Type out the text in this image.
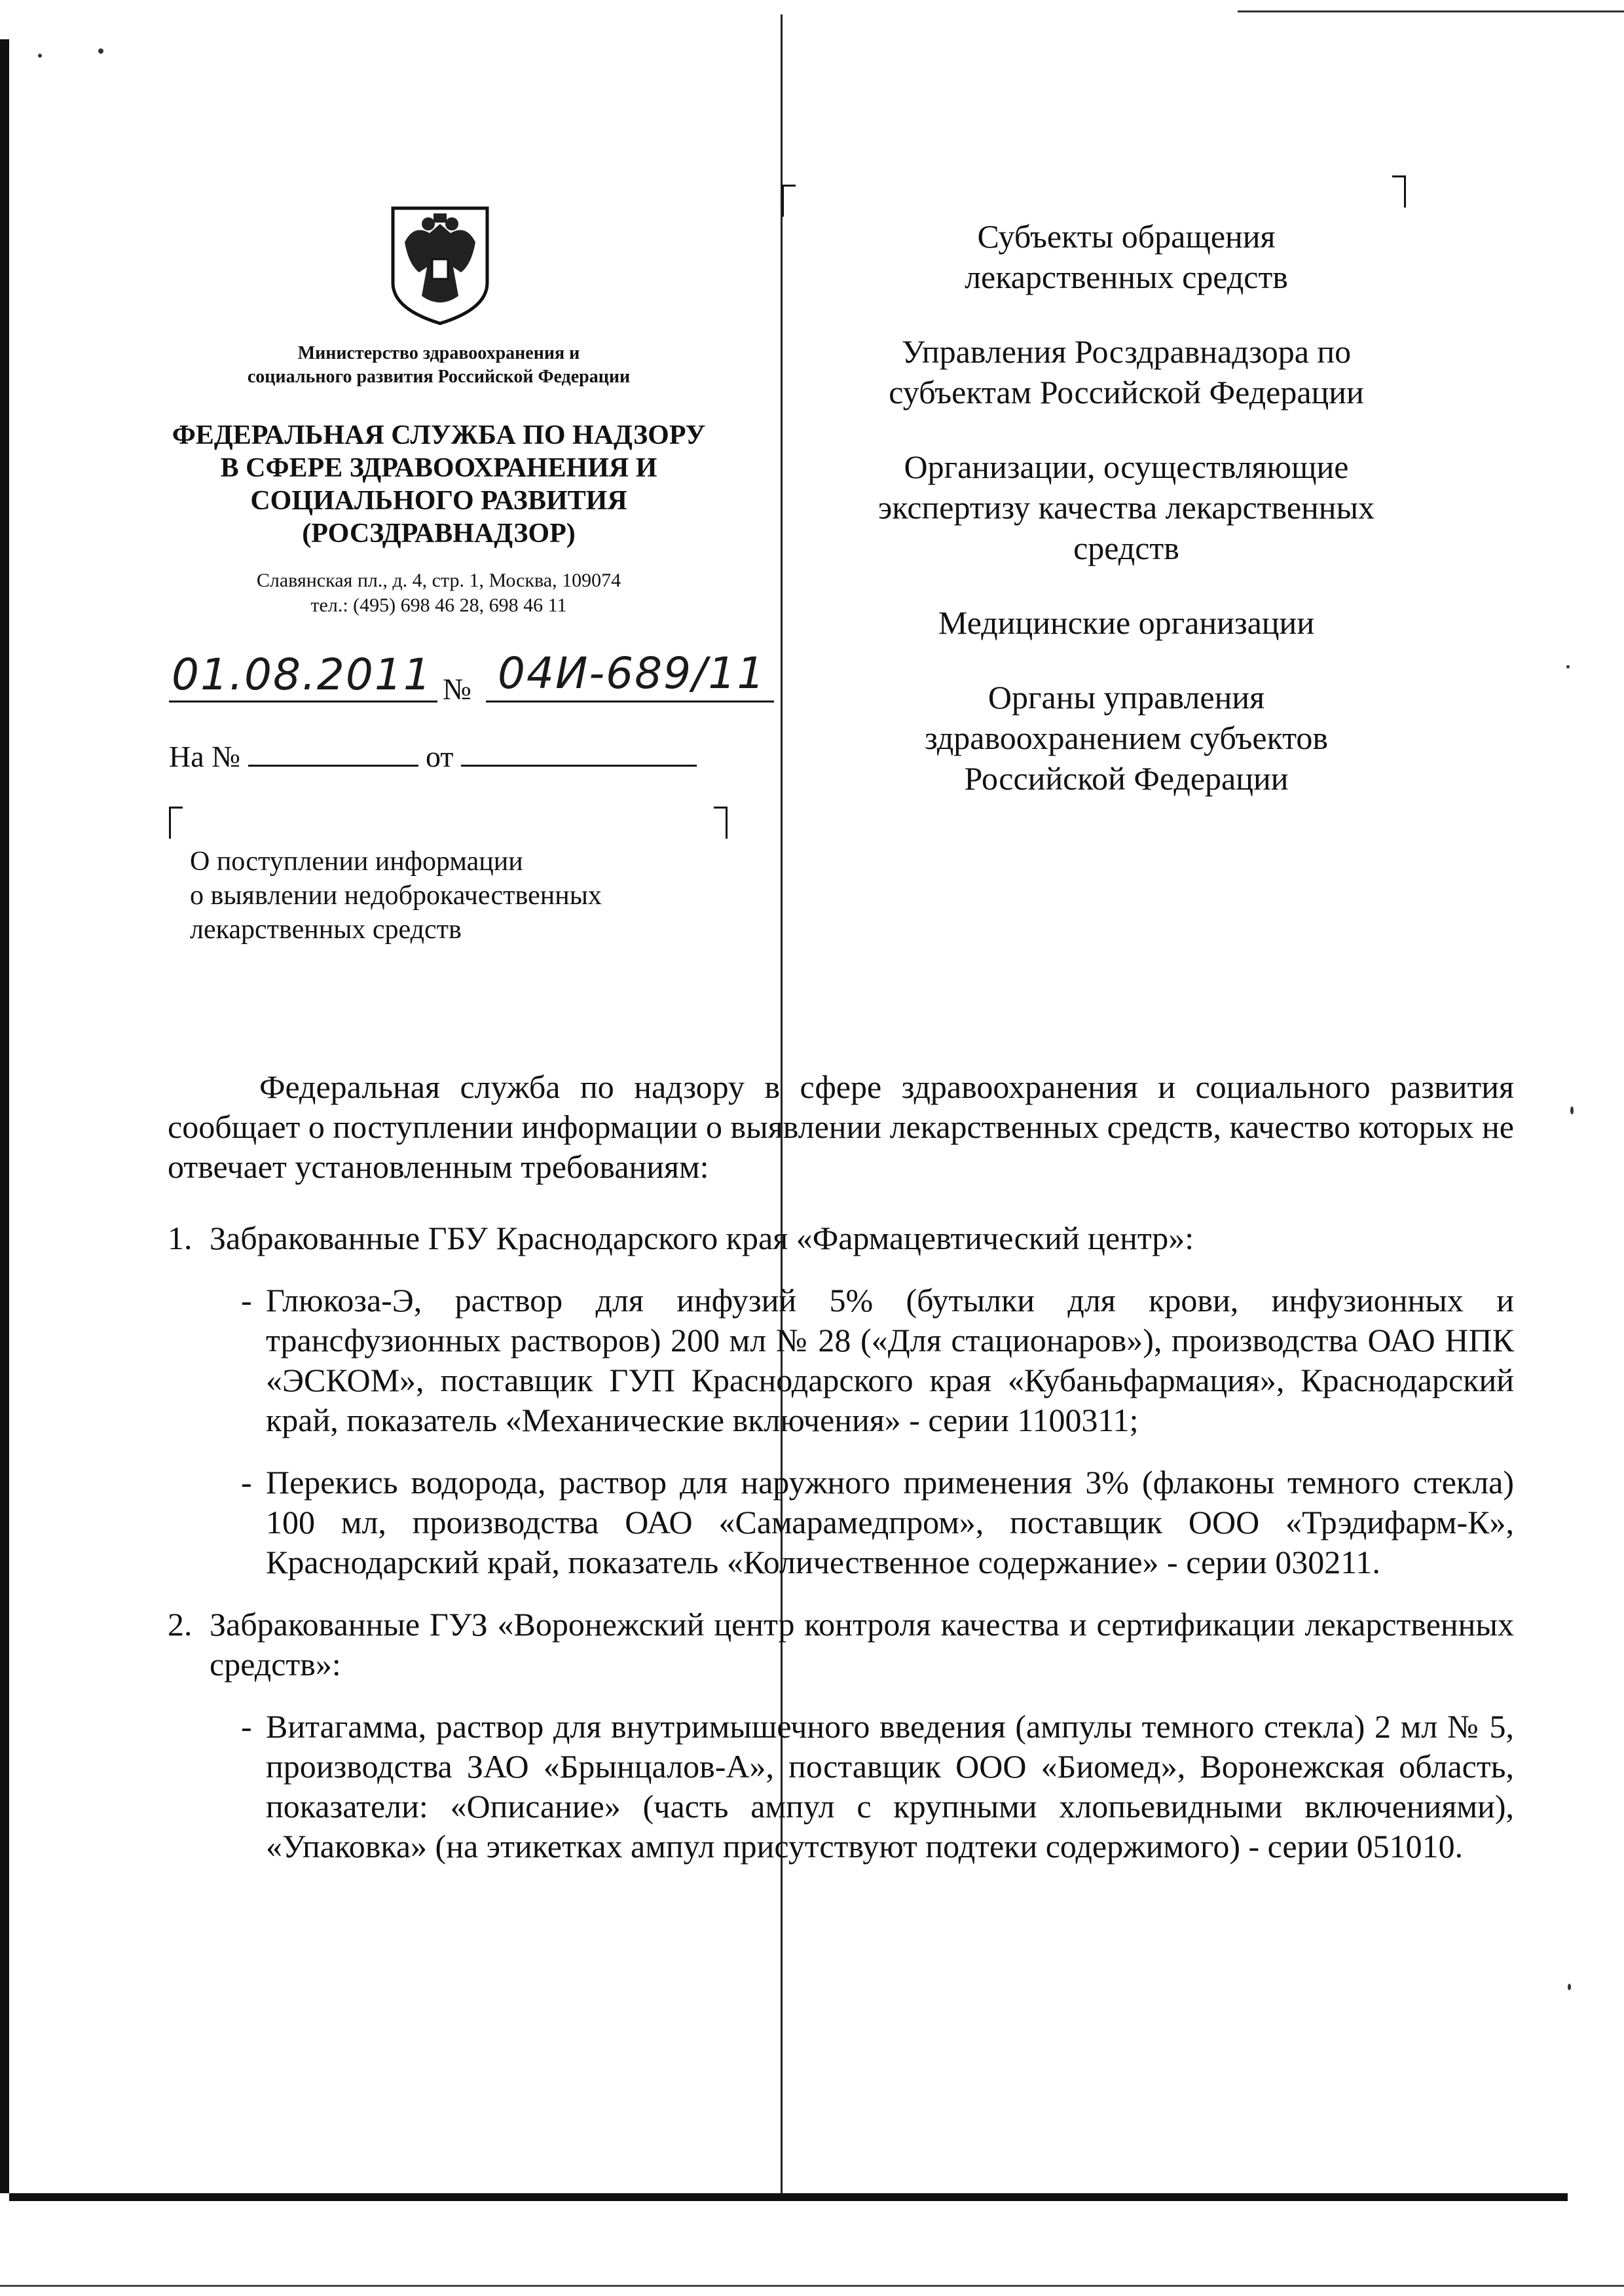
Министерство здравоохранения и
социального развития Российской Федерации
ФЕДЕРАЛЬНАЯ СЛУЖБА ПО НАДЗОРУ
В СФЕРЕ ЗДРАВООХРАНЕНИЯ И
СОЦИАЛЬНОГО РАЗВИТИЯ
(РОСЗДРАВНАДЗОР)
Славянская пл., д. 4, стр. 1, Москва, 109074
тел.: (495) 698 46 28, 698 46 11
01.08.2011 № 04И-689/11
На №	от
О поступлении информации
о выявлении недоброкачественных
лекарственных средств
Субъекты обращения
лекарственных средств
Управления Росздравнадзора по
субъектам Российской Федерации
Организации, осуществляющие
экспертизу качества лекарственных
средств
Медицинские организации
Органы управления
здравоохранением субъектов
Российской Федерации

Федеральная служба по надзору в сфере здравоохранения и социального развития сообщает о поступлении информации о выявлении лекарственных средств, качество которых не отвечает установленным требованиям:

1. Забракованные ГБУ Краснодарского края «Фармацевтический центр»:
- Глюкоза-Э, раствор для инфузий 5% (бутылки для крови, инфузионных и трансфузионных растворов) 200 мл № 28 («Для стационаров»), производства ОАО НПК «ЭСКОМ», поставщик ГУП Краснодарского края «Кубаньфармация», Краснодарский край, показатель «Механические включения» - серии 1100311;
- Перекись водорода, раствор для наружного применения 3% (флаконы темного стекла) 100 мл, производства ОАО «Самарамедпром», поставщик ООО «Трэдифарм-К», Краснодарский край, показатель «Количественное содержание» - серии 030211.
2. Забракованные ГУЗ «Воронежский центр контроля качества и сертификации лекарственных средств»:
- Витагамма, раствор для внутримышечного введения (ампулы темного стекла) 2 мл № 5, производства ЗАО «Брынцалов-А», поставщик ООО «Биомед», Воронежская область, показатели: «Описание» (часть ампул с крупными хлопьевидными включениями), «Упаковка» (на этикетках ампул присутствуют подтеки содержимого) - серии 051010.
